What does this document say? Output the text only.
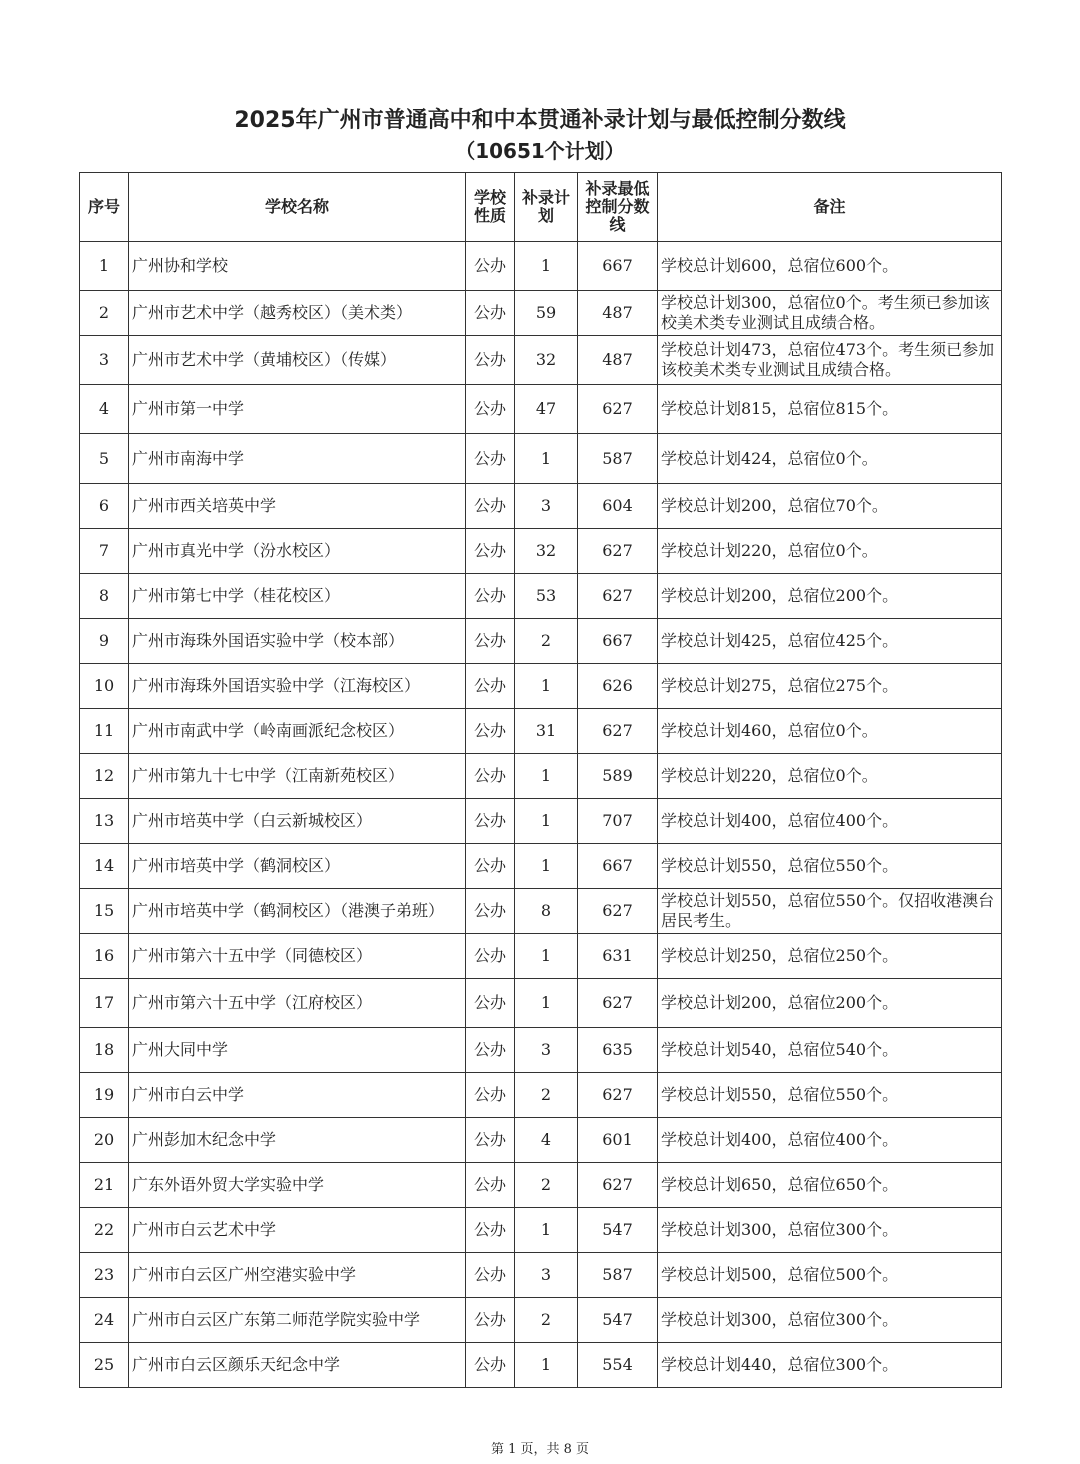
2025年广州市普通高中和中本贯通补录计划与最低控制分数线
（10651个计划）
序号	学校名称	学校性质	补录计划	补录最低控制分数线	备注
1	广州协和学校	公办	1	667	学校总计划600，总宿位600个。
2	广州市艺术中学（越秀校区）（美术类）	公办	59	487	学校总计划300，总宿位0个。考生须已参加该校美术类专业测试且成绩合格。
3	广州市艺术中学（黄埔校区）（传媒）	公办	32	487	学校总计划473，总宿位473个。考生须已参加该校美术类专业测试且成绩合格。
4	广州市第一中学	公办	47	627	学校总计划815，总宿位815个。
5	广州市南海中学	公办	1	587	学校总计划424，总宿位0个。
6	广州市西关培英中学	公办	3	604	学校总计划200，总宿位70个。
7	广州市真光中学（汾水校区）	公办	32	627	学校总计划220，总宿位0个。
8	广州市第七中学（桂花校区）	公办	53	627	学校总计划200，总宿位200个。
9	广州市海珠外国语实验中学（校本部）	公办	2	667	学校总计划425，总宿位425个。
10	广州市海珠外国语实验中学（江海校区）	公办	1	626	学校总计划275，总宿位275个。
11	广州市南武中学（岭南画派纪念校区）	公办	31	627	学校总计划460，总宿位0个。
12	广州市第九十七中学（江南新苑校区）	公办	1	589	学校总计划220，总宿位0个。
13	广州市培英中学（白云新城校区）	公办	1	707	学校总计划400，总宿位400个。
14	广州市培英中学（鹤洞校区）	公办	1	667	学校总计划550，总宿位550个。
15	广州市培英中学（鹤洞校区）（港澳子弟班）	公办	8	627	学校总计划550，总宿位550个。仅招收港澳台居民考生。
16	广州市第六十五中学（同德校区）	公办	1	631	学校总计划250，总宿位250个。
17	广州市第六十五中学（江府校区）	公办	1	627	学校总计划200，总宿位200个。
18	广州大同中学	公办	3	635	学校总计划540，总宿位540个。
19	广州市白云中学	公办	2	627	学校总计划550，总宿位550个。
20	广州彭加木纪念中学	公办	4	601	学校总计划400，总宿位400个。
21	广东外语外贸大学实验中学	公办	2	627	学校总计划650，总宿位650个。
22	广州市白云艺术中学	公办	1	547	学校总计划300，总宿位300个。
23	广州市白云区广州空港实验中学	公办	3	587	学校总计划500，总宿位500个。
24	广州市白云区广东第二师范学院实验中学	公办	2	547	学校总计划300，总宿位300个。
25	广州市白云区颜乐天纪念中学	公办	1	554	学校总计划440，总宿位300个。
第 1 页，共 8 页
